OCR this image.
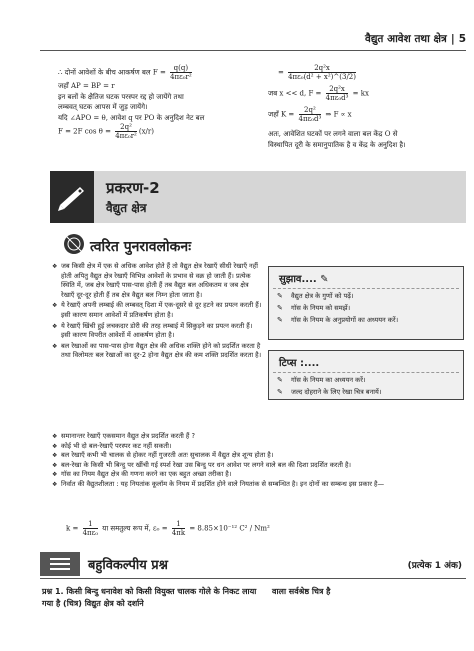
वैद्युत आवेश तथा क्षेत्र | 5
∴ दोनों आवेशों के बीच आकर्षण बल $F = \frac{q(q)}{\text{4πε₀r²}}$
जहाँ AP = BP = r
इन बलों के क्षैतिज घटक परस्पर रद्द हो जायेंगे तथा
लम्बवत् घटक आपस में जुड़ जायेंगे।
यदि ∠APO = θ, आवेश q पर PO के अनुदिश नेट बल
F = 2F $\cos \theta = \frac{\text{2q²}}{\text{4πε₀r²}} (x/r)$
= $\frac{\text{2q²x}}{\text{4πε₀(d² + x²)\textasciicircum{}(3/2)}}$
जब x << d, $F = \frac{\text{2q²x}}{\text{4πε₀d³}}$ = kx
जहाँ $K = \frac{\text{2q²}}{\text{4πε₀d³}}$ ⇒ F ∝ x
अतः, आवेशित घटकों पर लगने वाला बल केंद्र O से
विस्थापित दूरी के समानुपातिक है व केंद्र के अनुदिश है।
प्रकरण-2
वैद्युत क्षेत्र
त्वरित पुनरावलोकनः
❖ जब किसी क्षेत्र में एक से अधिक आवेश होते हैं तो वैद्युत क्षेत्र रेखाएँ सीधी रेखाएँ नहीं होती अपितु वैद्युत क्षेत्र रेखाएँ विभिन्न आवेशों के प्रभाव से वक्र हो जाती हैं। प्रत्येक स्थिति में, जब क्षेत्र रेखाएँ पास-पास होती हैं तब वैद्युत बल अधिकतम व जब क्षेत्र रेखाएँ दूर-दूर होती हैं तब क्षेत्र वैद्युत बल निम्न होता जाता है।
❖ ये रेखाएँ अपनी लम्बाई की लम्बवत् दिशा में एक-दूसरे से दूर हटने का प्रयत्न करती हैं। इसी कारण समान आवेशों में प्रतिकर्षण होता है।
❖ ये रेखाएँ खिंची हुई लचकदार डोरी की तरह लम्बाई में सिकुड़ने का प्रयत्न करती हैं। इसी कारण विपरीत आवेशों में आकर्षण होता है।
❖ बल रेखाओं का पास-पास होना वैद्युत क्षेत्र की अधिक शक्ति होने को प्रदर्शित करता है तथा विलोमतः बल रेखाओं का दूर-2 होना वैद्युत क्षेत्र की कम शक्ति प्रदर्शित करता है।
सुझाव.... ✎
✎ वैद्युत क्षेत्र के गुणों को पढ़ें।
✎ गॉस के नियम को समझें।
✎ गॉस के नियम के अनुप्रयोगों का अध्ययन करें।
टिप्स :....
✎ गॉस के नियम का अध्ययन करें।
✎ जल्द दोहराने के लिए रेखा चित्र बनायें।
❖ समानान्तर रेखाएँ एकसमान वैद्युत क्षेत्र प्रदर्शित करती हैं ?
❖ कोई भी दो बल-रेखाएँ परस्पर कट नहीं सकती।
❖ बल रेखाएँ कभी भी चालक से होकर नहीं गुजरती अतः सुचालक में वैद्युत क्षेत्र शून्य होता है।
❖ बल-रेखा के किसी भी बिन्दु पर खींची गई स्पर्श रेखा उस बिन्दु पर धन आवेश पर लगने वाले बल की दिशा प्रदर्शित करती है।
❖ गॉस का नियम वैद्युत क्षेत्र की गणना करने का एक बहुत अच्छा तरीका है।
❖ निर्वात की वैद्युतशीलता : यह नियतांक कूलॉम के नियम में प्रदर्शित होने वाले नियतांक से सम्बन्धित है। इन दोनों का सम्बन्ध इस प्रकार है—
$k = \frac{1}{\text{4πε₀}}$ या समतुल्य रूप में, $\varepsilon_0 = \frac{1}{4\pi k} = 8.85\times 10^{-12}$ C² / Nm²
बहुविकल्पीय प्रश्न	(प्रत्येक 1 अंक)
प्रश्न 1. किसी बिन्दु धनावेश को किसी वियुक्त चालक गोले के निकट लाया गया है (चित्र) विद्युत क्षेत्र को दर्शाने
वाला सर्वश्रेष्ठ चित्र है
